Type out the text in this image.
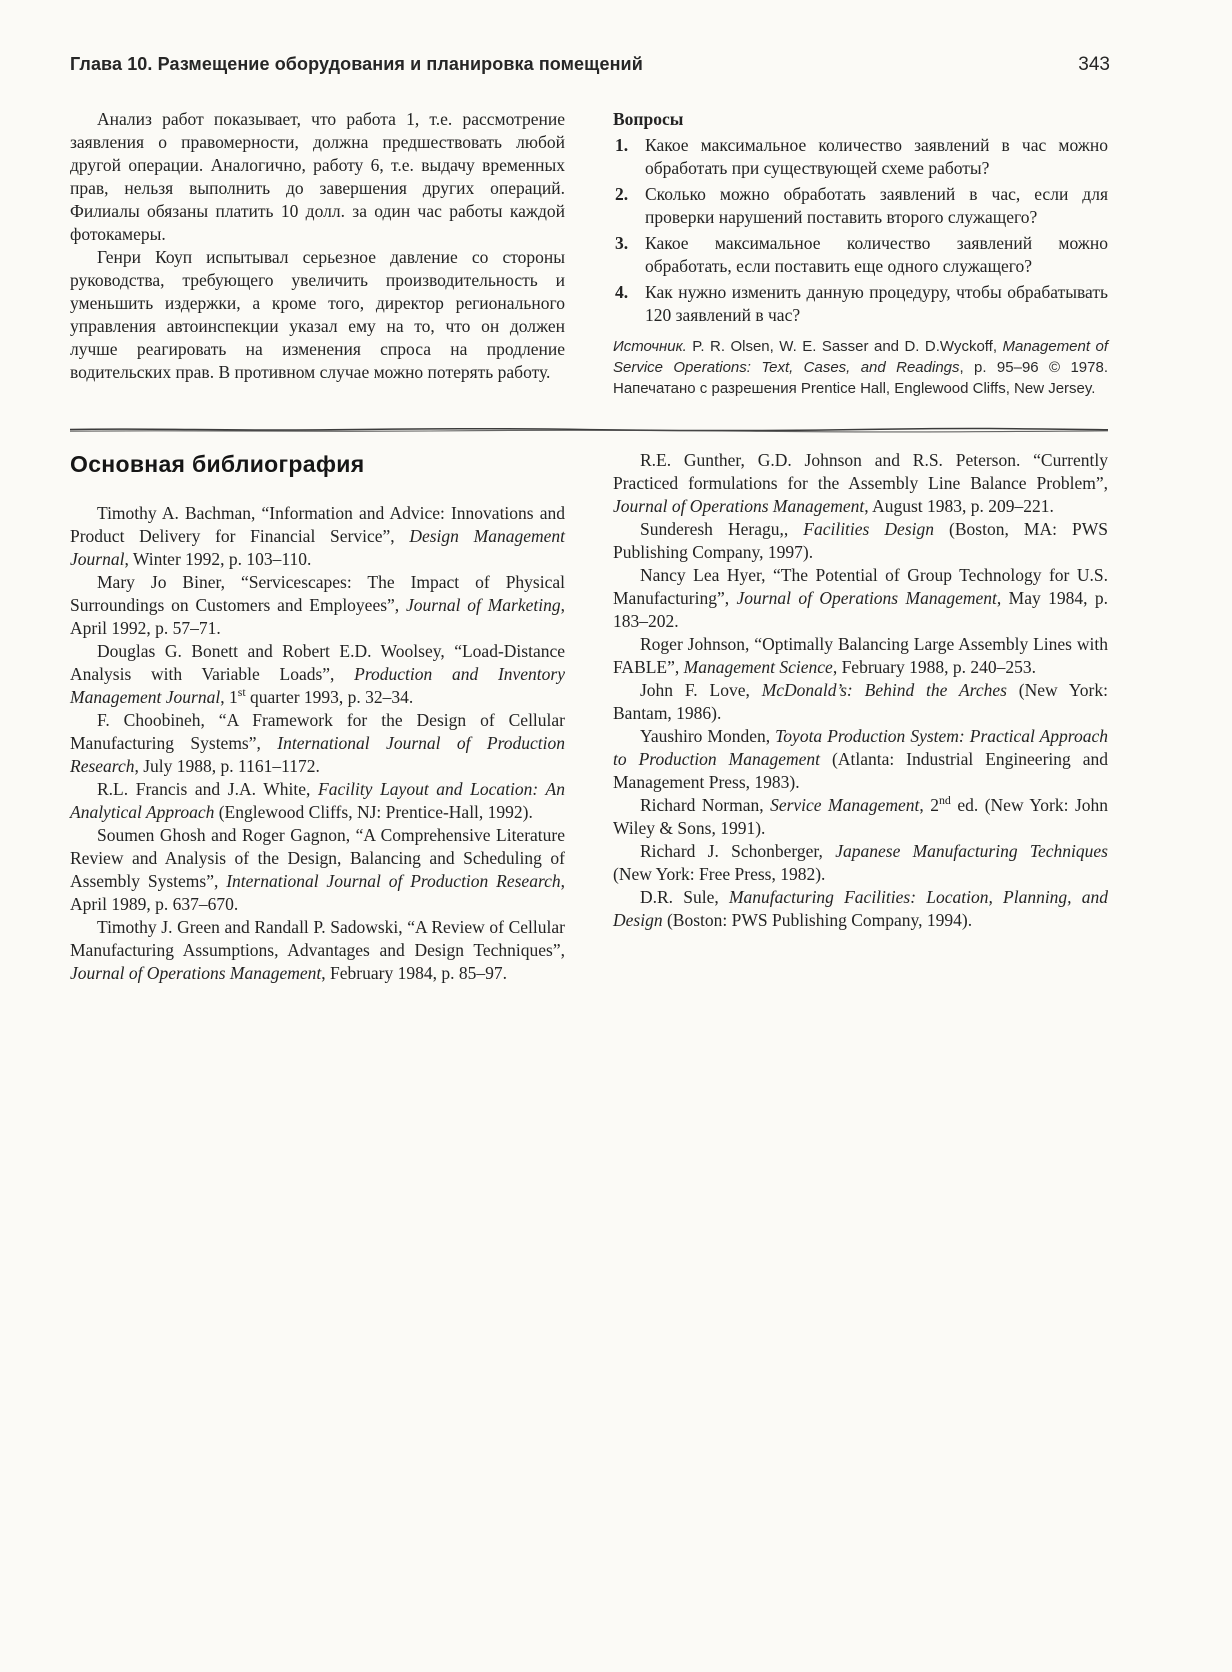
Глава 10. Размещение оборудования и планировка помещений	343

Анализ работ показывает, что работа 1, т.е. рассмотрение заявления о правомерности, должна предшествовать любой другой операции. Аналогично, работу 6, т.е. выдачу временных прав, нельзя выполнить до завершения других операций. Филиалы обязаны платить 10 долл. за один час работы каждой фотокамеры.

Генри Коуп испытывал серьезное давление со стороны руководства, требующего увеличить производительность и уменьшить издержки, а кроме того, директор регионального управления автоинспекции указал ему на то, что он должен лучше реагировать на изменения спроса на продление водительских прав. В противном случае можно потерять работу.

Вопросы

1. Какое максимальное количество заявлений в час можно обработать при существующей схеме работы?
2. Сколько можно обработать заявлений в час, если для проверки нарушений поставить второго служащего?
3. Какое максимальное количество заявлений можно обработать, если поставить еще одного служащего?
4. Как нужно изменить данную процедуру, чтобы обрабатывать 120 заявлений в час?

Источник. P. R. Olsen, W. E. Sasser and D. D.Wyckoff, Management of Service Operations: Text, Cases, and Readings, p. 95–96 © 1978. Напечатано с разрешения Prentice Hall, Englewood Cliffs, New Jersey.

Основная библиография

Timothy A. Bachman, “Information and Advice: Innovations and Product Delivery for Financial Service”, Design Management Journal, Winter 1992, p. 103–110.

Mary Jo Biner, “Servicescapes: The Impact of Physical Surroundings on Customers and Employees”, Journal of Marketing, April 1992, p. 57–71.

Douglas G. Bonett and Robert E.D. Woolsey, “Load-Distance Analysis with Variable Loads”, Production and Inventory Management Journal, 1st quarter 1993, p. 32–34.

F. Choobineh, “A Framework for the Design of Cellular Manufacturing Systems”, International Journal of Production Research, July 1988, p. 1161–1172.

R.L. Francis and J.A. White, Facility Layout and Location: An Analytical Approach (Englewood Cliffs, NJ: Prentice-Hall, 1992).

Soumen Ghosh and Roger Gagnon, “A Comprehensive Literature Review and Analysis of the Design, Balancing and Scheduling of Assembly Systems”, International Journal of Production Research, April 1989, p. 637–670.

Timothy J. Green and Randall P. Sadowski, “A Review of Cellular Manufacturing Assumptions, Advantages and Design Techniques”, Journal of Operations Management, February 1984, p. 85–97.

R.E. Gunther, G.D. Johnson and R.S. Peterson. “Currently Practiced formulations for the Assembly Line Balance Problem”, Journal of Operations Management, August 1983, p. 209–221.

Sunderesh Heragu,, Facilities Design (Boston, MA: PWS Publishing Company, 1997).

Nancy Lea Hyer, “The Potential of Group Technology for U.S. Manufacturing”, Journal of Operations Management, May 1984, p. 183–202.

Roger Johnson, “Optimally Balancing Large Assembly Lines with FABLE”, Management Science, February 1988, p. 240–253.

John F. Love, McDonald’s: Behind the Arches (New York: Bantam, 1986).

Yaushiro Monden, Toyota Production System: Practical Approach to Production Management (Atlanta: Industrial Engineering and Management Press, 1983).

Richard Norman, Service Management, 2nd ed. (New York: John Wiley & Sons, 1991).

Richard J. Schonberger, Japanese Manufacturing Techniques (New York: Free Press, 1982).

D.R. Sule, Manufacturing Facilities: Location, Planning, and Design (Boston: PWS Publishing Company, 1994).
